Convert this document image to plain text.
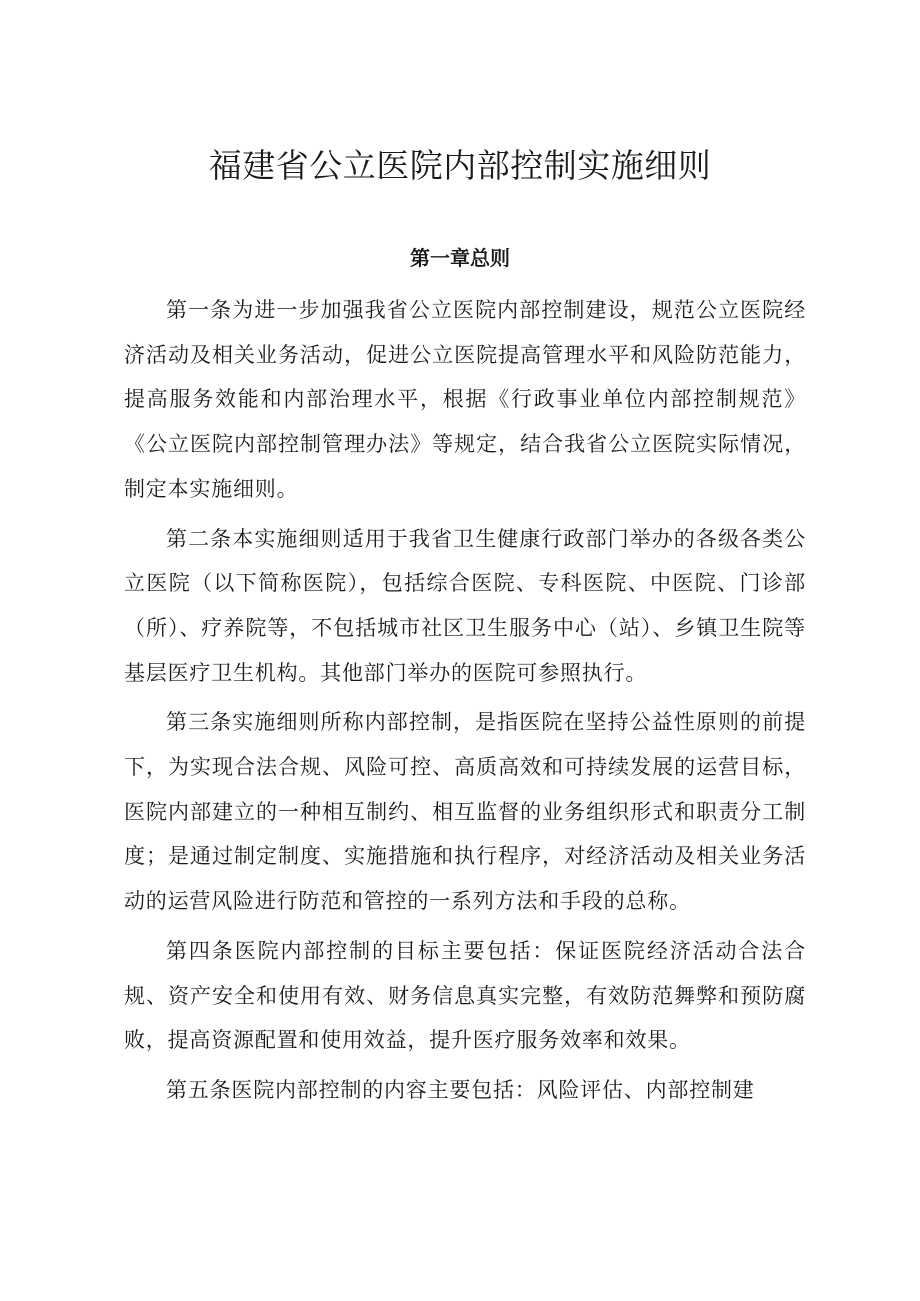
福建省公立医院内部控制实施细则
第一章总则

第一条为进一步加强我省公立医院内部控制建设，规范公立医院经济活动及相关业务活动，促进公立医院提高管理水平和风险防范能力，提高服务效能和内部治理水平，根据《行政事业单位内部控制规范》《公立医院内部控制管理办法》等规定，结合我省公立医院实际情况，制定本实施细则。

第二条本实施细则适用于我省卫生健康行政部门举办的各级各类公立医院（以下简称医院），包括综合医院、专科医院、中医院、门诊部（所）、疗养院等，不包括城市社区卫生服务中心（站）、乡镇卫生院等基层医疗卫生机构。其他部门举办的医院可参照执行。

第三条实施细则所称内部控制，是指医院在坚持公益性原则的前提下，为实现合法合规、风险可控、高质高效和可持续发展的运营目标，医院内部建立的一种相互制约、相互监督的业务组织形式和职责分工制度；是通过制定制度、实施措施和执行程序，对经济活动及相关业务活动的运营风险进行防范和管控的一系列方法和手段的总称。

第四条医院内部控制的目标主要包括：保证医院经济活动合法合规、资产安全和使用有效、财务信息真实完整，有效防范舞弊和预防腐败，提高资源配置和使用效益，提升医疗服务效率和效果。

第五条医院内部控制的内容主要包括：风险评估、内部控制建
